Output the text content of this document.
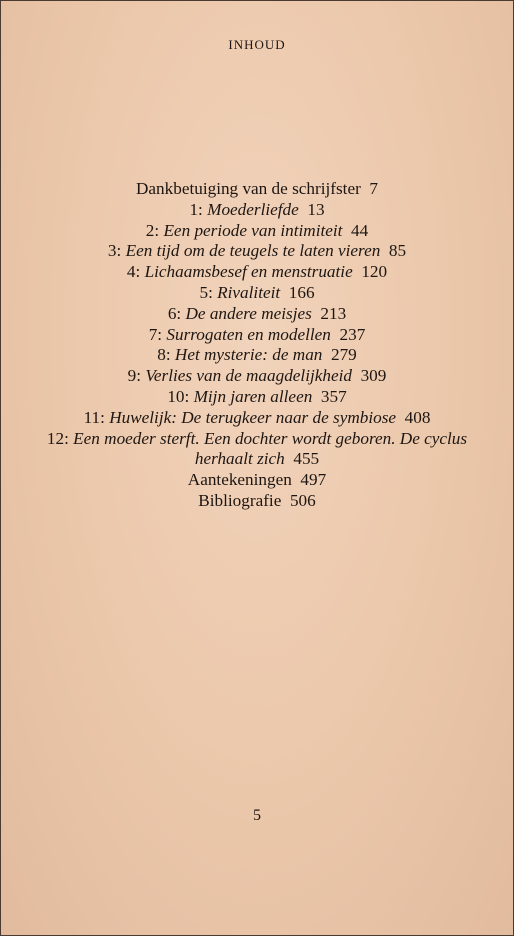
INHOUD
Dankbetuiging van de schrijfster  7
1: Moederliefde  13
2: Een periode van intimiteit  44
3: Een tijd om de teugels te laten vieren  85
4: Lichaamsbesef en menstruatie  120
5: Rivaliteit  166
6: De andere meisjes  213
7: Surrogaten en modellen  237
8: Het mysterie: de man  279
9: Verlies van de maagdelijkheid  309
10: Mijn jaren alleen  357
11: Huwelijk: De terugkeer naar de symbiose  408
12: Een moeder sterft. Een dochter wordt geboren. De cyclus
herhaalt zich  455
Aantekeningen  497
Bibliografie  506
5
